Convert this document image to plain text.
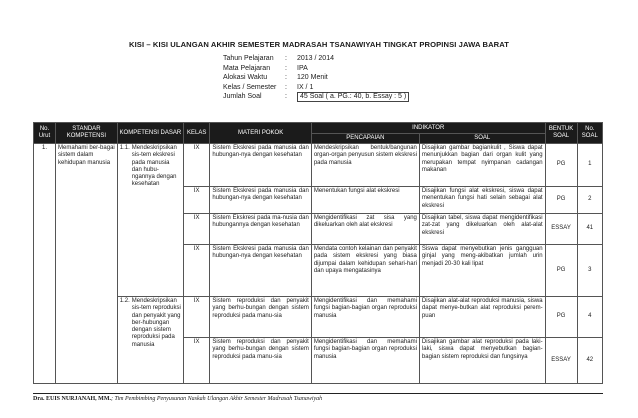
KISI – KISI ULANGAN AKHIR SEMESTER MADRASAH TSANAWIYAH TINGKAT PROPINSI JAWA BARAT
Tahun Pelajaran	:	2013 / 2014
Mata Pelajaran	:	IPA
Alokasi Waktu	:	120 Menit
Kelas / Semester	:	IX / 1
Jumlah Soal	:	45 Soal ( a. PG.: 40, b. Essay : 5 )
No. Urut	STANDAR KOMPETENSI	KOMPETENSI DASAR	KELAS	MATERI POKOK	INDIKATOR		BENTUK SOAL	No. SOAL
					PENCAPAIAN	SOAL		
1.	Memahami ber-bagai sistem dalam kehidupan manusia	1.1. Mendeskripsikan sis-tem ekskresi pada manusia dan hubu-ngannya dengan kesehatan	IX	Sistem Ekskresi pada manusia dan hubungan-nya dengan kesehatan	Mendeskripsikan bentuk/bangunan organ-organ penyusun sistem ekskresi pada manusia	Disajikan gambar bagiankulit , Siswa dapat menunjukkan bagian dari organ kulit yang merupakan tempat nyimpanan cadangan makanan	PG	1
			IX	Sistem Ekskresi pada manusia dan hubungan-nya dengan kesehatan	Menentukan fungsi alat ekskresi	Disajikan fungsi alat ekskresi, siswa dapat menentukan fungsi hati selain sebagai alat ekskresi	PG	2
			IX	Sistem Ekskresi pada ma-nusia dan hubungannya dengan kesehatan	Mengidentifikasi zat sisa yang dikeluarkan oleh alat ekskresi	Disajikan tabel, siswa dapat mengidentifikasi zat-zat yang dikeluarkan oleh alat-alat ekskresi	ESSAY	41
			IX	Sistem Ekskresi pada manusia dan hubungan-nya dengan kesehatan	Mendata contoh kelainan dan penyakit pada sistem ekskresi yang biasa dijumpai dalam kehidupan sehari-hari dan upaya mengatasinya	Siswa dapat menyebutkan jenis gangguan ginjal yang meng-akibatkan jumlah urin menjadi 20-30 kali lipat	PG	3

		1.2. Mendeskripsikan sis-tem reproduksi dan penyakit yang ber-hubungan dengan sistem reproduksi pada manusia	IX	Sistem reproduksi dan penyakit yang berhu-bungan dengan sistem reproduksi pada manu-sia	Mengidentifikasi dan memahami fungsi bagian-bagian organ reproduksi manusia	Disajikan alat-alat reproduksi manusia, siswa dapat menye-butkan alat reproduksi perem-puan	PG	4
			IX	Sistem reproduksi dan penyakit yang berhu-bungan dengan sistem reproduksi pada manu-sia	Mengidentifikasi dan memahami fungsi bagian-bagian organ reproduksi manusia	Disajikan gambar alat reproduksi pada laki-laki, siswa dapat menyebutkan bagian-bagian sistem reproduksi dan fungsinya	ESSAY	42
Dra. EUIS NURJANAH, MM.; Tim Pembimbing Penyusunan Naskah Ulangan Akhir Semester Madrasah Tsanawiyah
